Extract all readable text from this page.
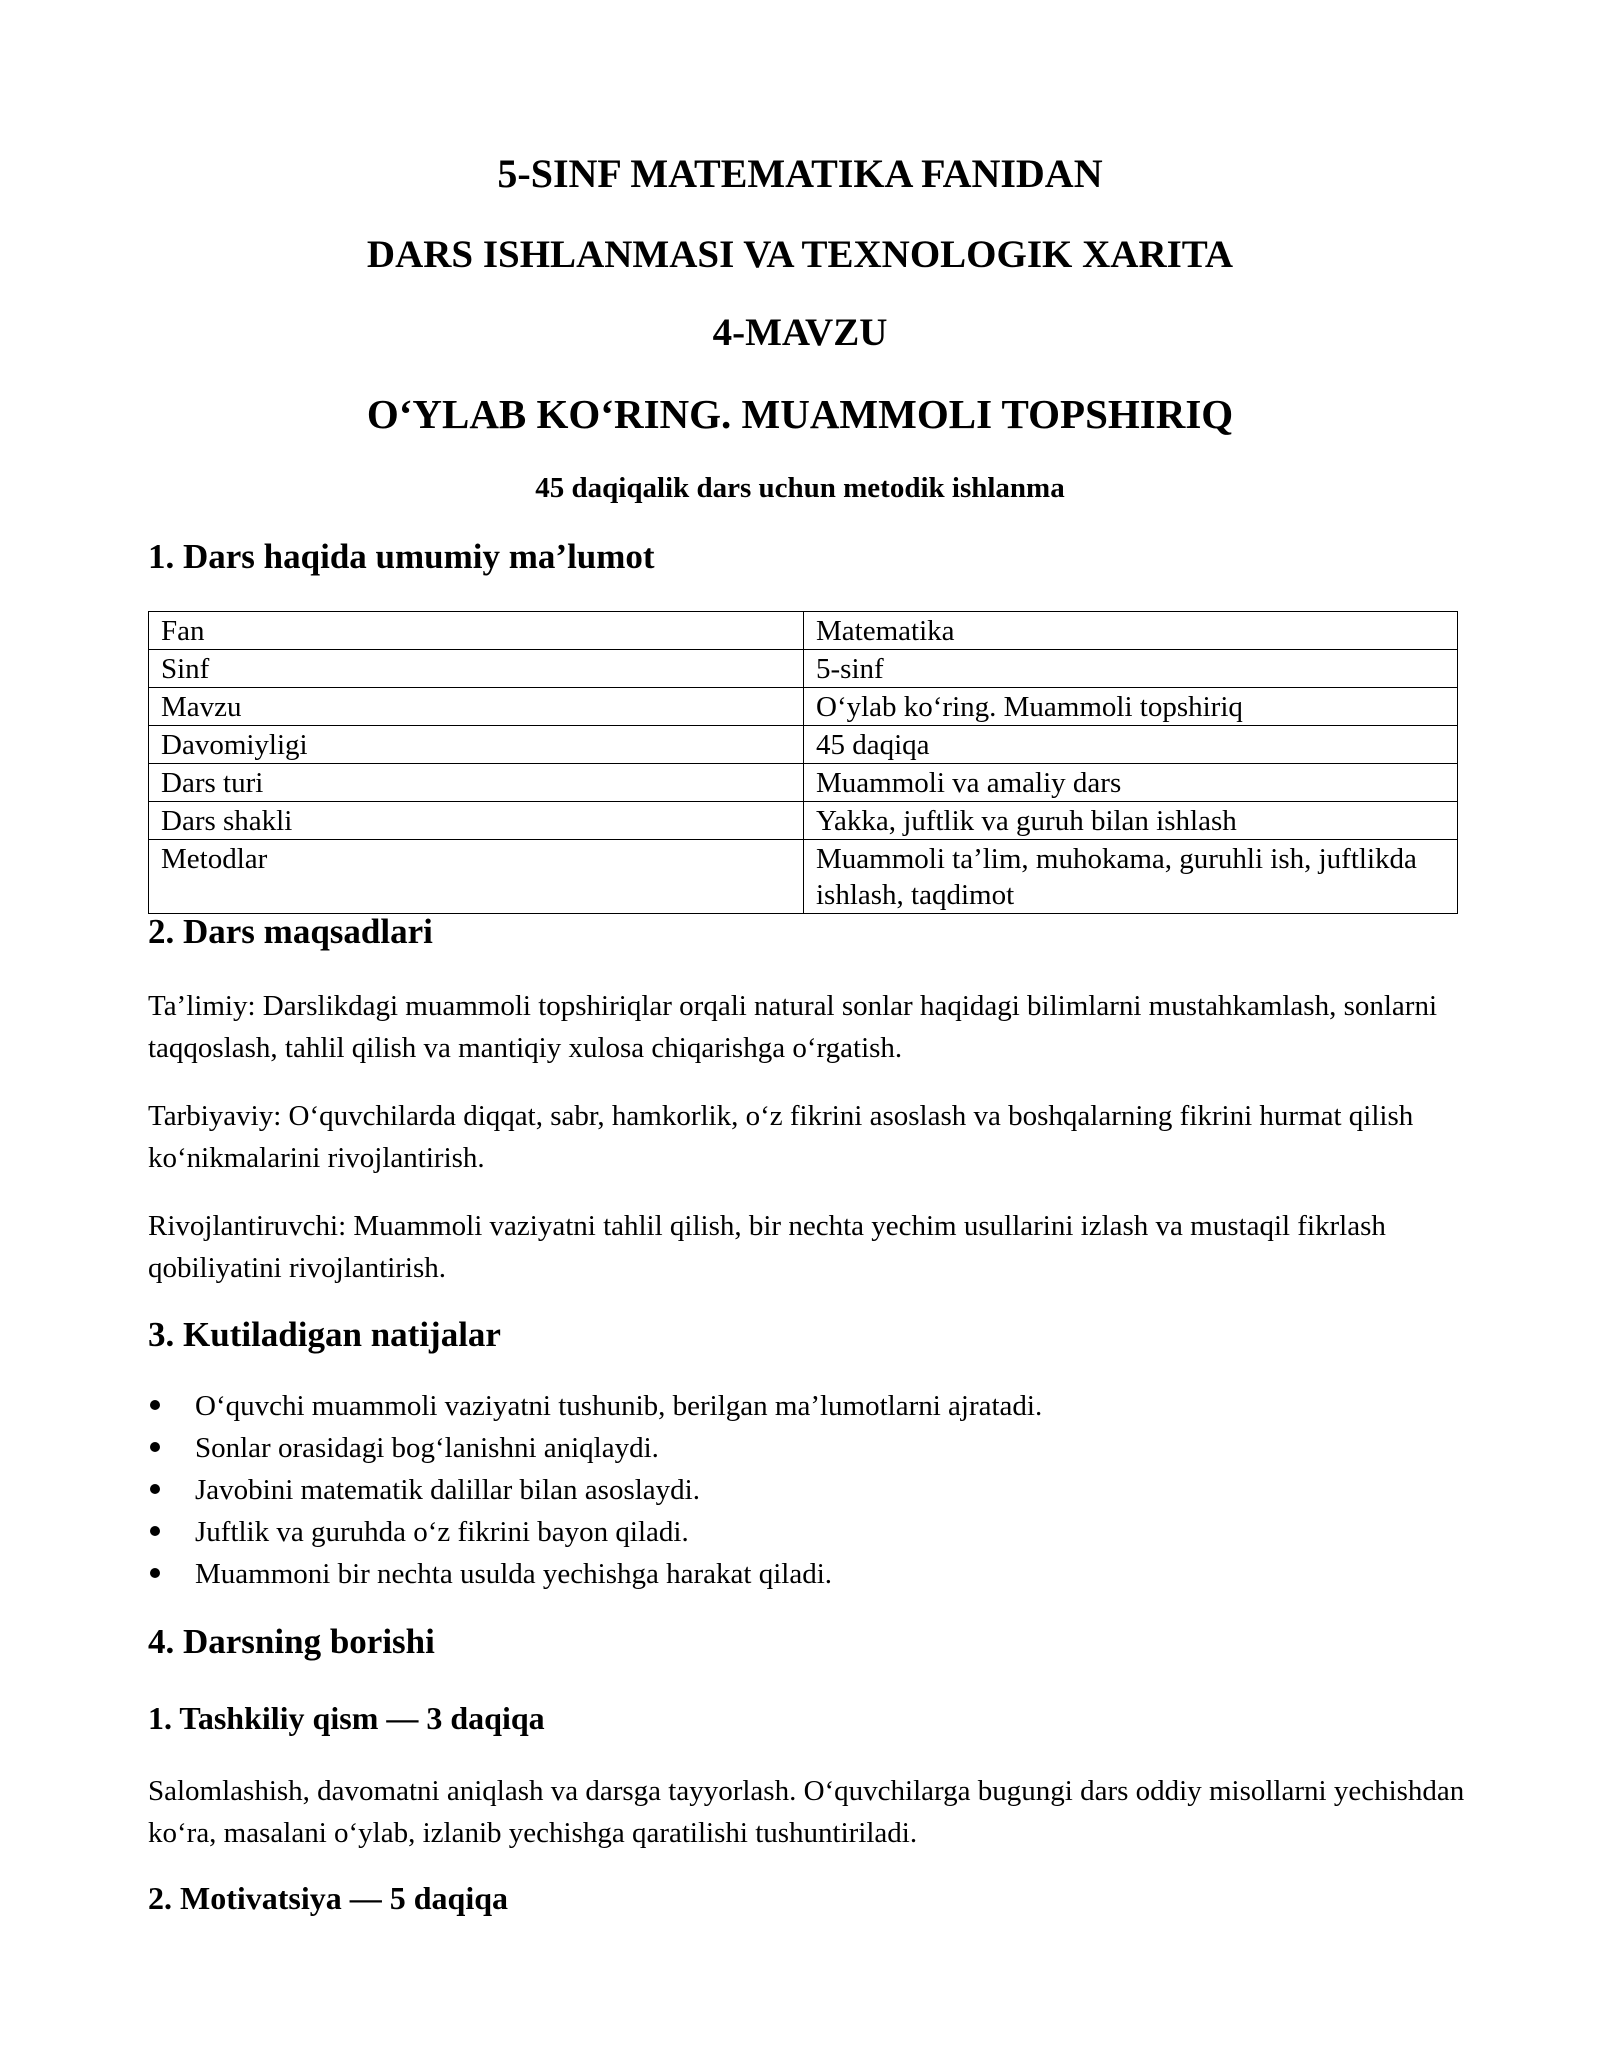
5-SINF MATEMATIKA FANIDAN
DARS ISHLANMASI VA TEXNOLOGIK XARITA
4-MAVZU
O‘YLAB KO‘RING. MUAMMOLI TOPSHIRIQ

45 daqiqalik dars uchun metodik ishlanma

1. Dars haqida umumiy ma’lumot
Fan	Matematika
Sinf	5-sinf
Mavzu	O‘ylab ko‘ring. Muammoli topshiriq
Davomiyligi	45 daqiqa
Dars turi	Muammoli va amaliy dars
Dars shakli	Yakka, juftlik va guruh bilan ishlash
Metodlar	Muammoli ta’lim, muhokama, guruhli ish, juftlikda ishlash, taqdimot
2. Dars maqsadlari

Ta’limiy: Darslikdagi muammoli topshiriqlar orqali natural sonlar haqidagi bilimlarni mustahkamlash, sonlarni taqqoslash, tahlil qilish va mantiqiy xulosa chiqarishga o‘rgatish.

Tarbiyaviy: O‘quvchilarda diqqat, sabr, hamkorlik, o‘z fikrini asoslash va boshqalarning fikrini hurmat qilish ko‘nikmalarini rivojlantirish.

Rivojlantiruvchi: Muammoli vaziyatni tahlil qilish, bir nechta yechim usullarini izlash va mustaqil fikrlash qobiliyatini rivojlantirish.

3. Kutiladigan natijalar
O‘quvchi muammoli vaziyatni tushunib, berilgan ma’lumotlarni ajratadi.
Sonlar orasidagi bog‘lanishni aniqlaydi.
Javobini matematik dalillar bilan asoslaydi.
Juftlik va guruhda o‘z fikrini bayon qiladi.
Muammoni bir nechta usulda yechishga harakat qiladi.
4. Darsning borishi
1. Tashkiliy qism — 3 daqiqa

Salomlashish, davomatni aniqlash va darsga tayyorlash. O‘quvchilarga bugungi dars oddiy misollarni yechishdan ko‘ra, masalani o‘ylab, izlanib yechishga qaratilishi tushuntiriladi.

2. Motivatsiya — 5 daqiqa
